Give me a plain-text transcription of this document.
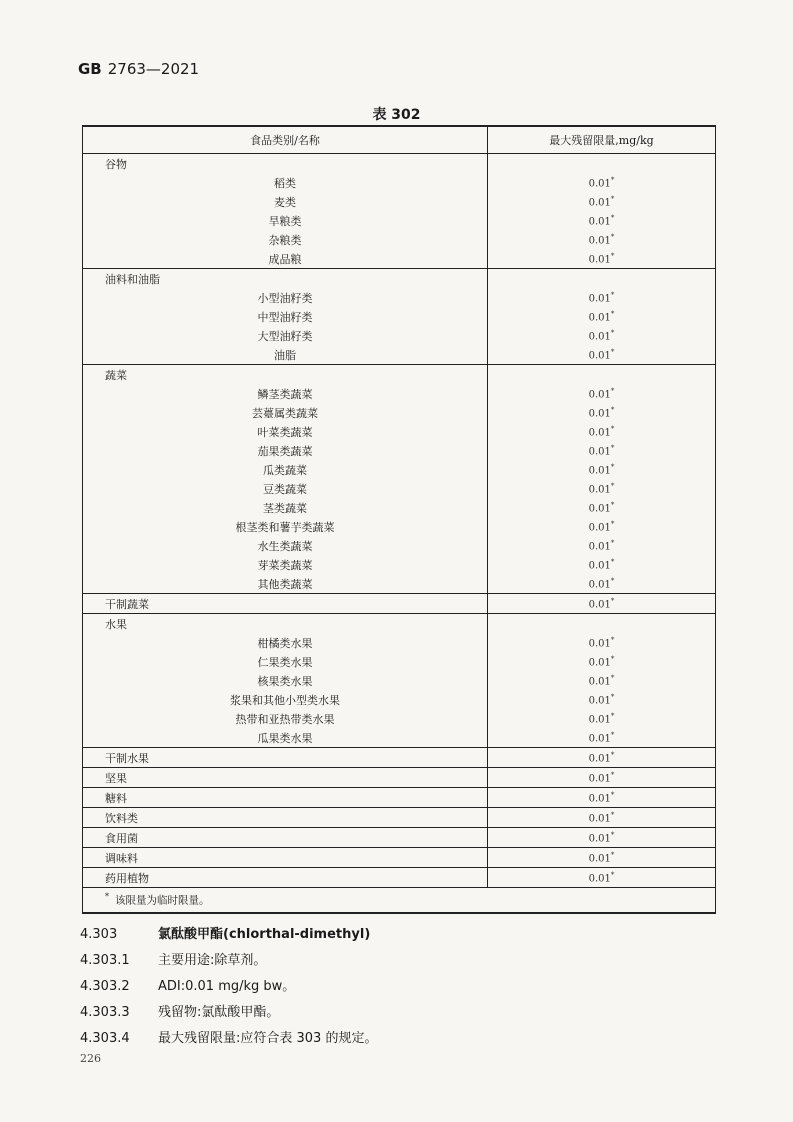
GB 2763—2021
表 302
食品类别/名称	最大残留限量,mg/kg
谷物	
稻类	0.01*
麦类	0.01*
旱粮类	0.01*
杂粮类	0.01*
成品粮	0.01*
油料和油脂	
小型油籽类	0.01*
中型油籽类	0.01*
大型油籽类	0.01*
油脂	0.01*
蔬菜	
鳞茎类蔬菜	0.01*
芸薹属类蔬菜	0.01*
叶菜类蔬菜	0.01*
茄果类蔬菜	0.01*
瓜类蔬菜	0.01*
豆类蔬菜	0.01*
茎类蔬菜	0.01*
根茎类和薯芋类蔬菜	0.01*
水生类蔬菜	0.01*
芽菜类蔬菜	0.01*
其他类蔬菜	0.01*
干制蔬菜	0.01*
水果	
柑橘类水果	0.01*
仁果类水果	0.01*
核果类水果	0.01*
浆果和其他小型类水果	0.01*
热带和亚热带类水果	0.01*
瓜果类水果	0.01*
干制水果	0.01*
坚果	0.01*
糖料	0.01*
饮料类	0.01*
食用菌	0.01*
调味料	0.01*
药用植物	0.01*
* 该限量为临时限量。	
4.303	氯酞酸甲酯(chlorthal-dimethyl)
4.303.1 主要用途:除草剂。
4.303.2 ADI:0.01 mg/kg bw。
4.303.3 残留物:氯酞酸甲酯。
4.303.4 最大残留限量:应符合表 303 的规定。
226
